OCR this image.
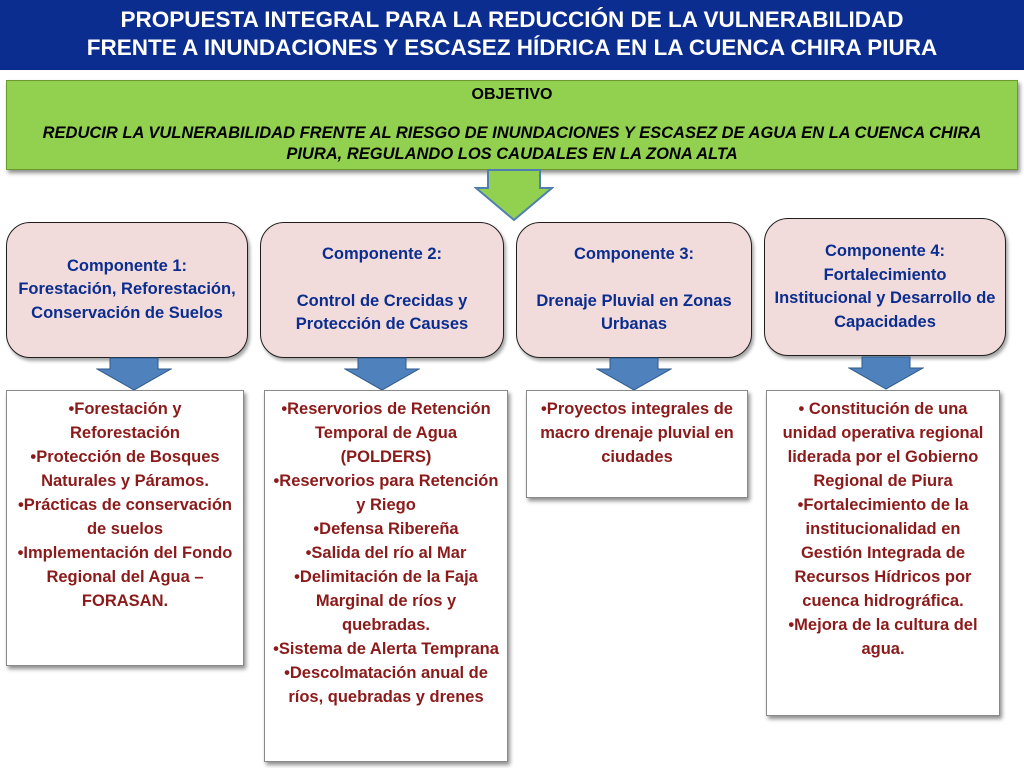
PROPUESTA INTEGRAL PARA LA REDUCCIÓN DE LA VULNERABILIDAD
FRENTE A INUNDACIONES Y ESCASEZ HÍDRICA EN LA CUENCA CHIRA PIURA
OBJETIVO
REDUCIR LA VULNERABILIDAD FRENTE AL RIESGO DE INUNDACIONES Y ESCASEZ DE AGUA EN LA CUENCA CHIRA PIURA, REGULANDO LOS CAUDALES EN LA ZONA ALTA
Componente 1:
Forestación, Reforestación, Conservación de Suelos
Componente 2:
Control de Crecidas y Protección de Causes
Componente 3:
Drenaje Pluvial en Zonas Urbanas
Componente 4:
Fortalecimiento Institucional y Desarrollo de Capacidades
•Forestación y Reforestación
•Protección de Bosques Naturales y Páramos.
•Prácticas de conservación de suelos
•Implementación del Fondo Regional del Agua – FORASAN.
•Reservorios de Retención Temporal de Agua (POLDERS)
•Reservorios para Retención y Riego
•Defensa Ribereña
•Salida del río al Mar
•Delimitación de la Faja Marginal de ríos y quebradas.
•Sistema de Alerta Temprana
•Descolmatación anual de ríos, quebradas y drenes
•Proyectos integrales de macro drenaje pluvial en ciudades
• Constitución de una unidad operativa regional liderada por el Gobierno Regional de Piura
•Fortalecimiento de la institucionalidad en Gestión Integrada de Recursos Hídricos por cuenca hidrográfica.
•Mejora de la cultura del agua.
